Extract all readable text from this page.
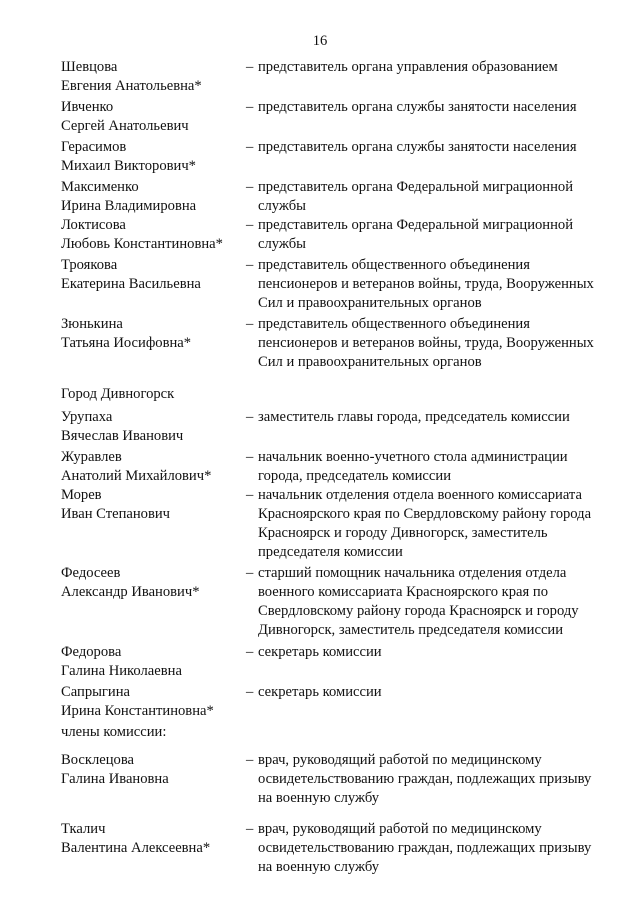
16
Шевцова
Евгения Анатольевна*
– представитель органа управления образованием
Ивченко
Сергей Анатольевич
– представитель органа службы занятости населения
Герасимов
Михаил Викторович*
– представитель органа службы занятости населения
Максименко
Ирина Владимировна
– представитель органа Федеральной миграционной службы
Локтисова
Любовь Константиновна*
– представитель органа Федеральной миграционной службы
Троякова
Екатерина Васильевна
– представитель общественного объединения пенсионеров и ветеранов войны, труда, Вооруженных Сил и правоохранительных органов
Зюнькина
Татьяна Иосифовна*
– представитель общественного объединения пенсионеров и ветеранов войны, труда, Вооруженных Сил и правоохранительных органов
Город Дивногорск
Урупаха
Вячеслав Иванович
– заместитель главы города, председатель комиссии
Журавлев
Анатолий Михайлович*
– начальник военно-учетного стола администрации города, председатель комиссии
Морев
Иван Степанович
– начальник отделения отдела военного комиссариата Красноярского края по Свердловскому району города Красноярск и городу Дивногорск, заместитель председателя комиссии
Федосеев
Александр Иванович*
– старший помощник начальника отделения отдела военного комиссариата Красноярского края по Свердловскому району города Красноярск и городу Дивногорск, заместитель председателя комиссии
Федорова
Галина Николаевна
– секретарь комиссии
Сапрыгина
Ирина Константиновна*
– секретарь комиссии
члены комиссии:
Восклецова
Галина Ивановна
– врач, руководящий работой по медицинскому освидетельствованию граждан, подлежащих призыву на военную службу
Ткалич
Валентина Алексеевна*
– врач, руководящий работой по медицинскому освидетельствованию граждан, подлежащих призыву на военную службу
